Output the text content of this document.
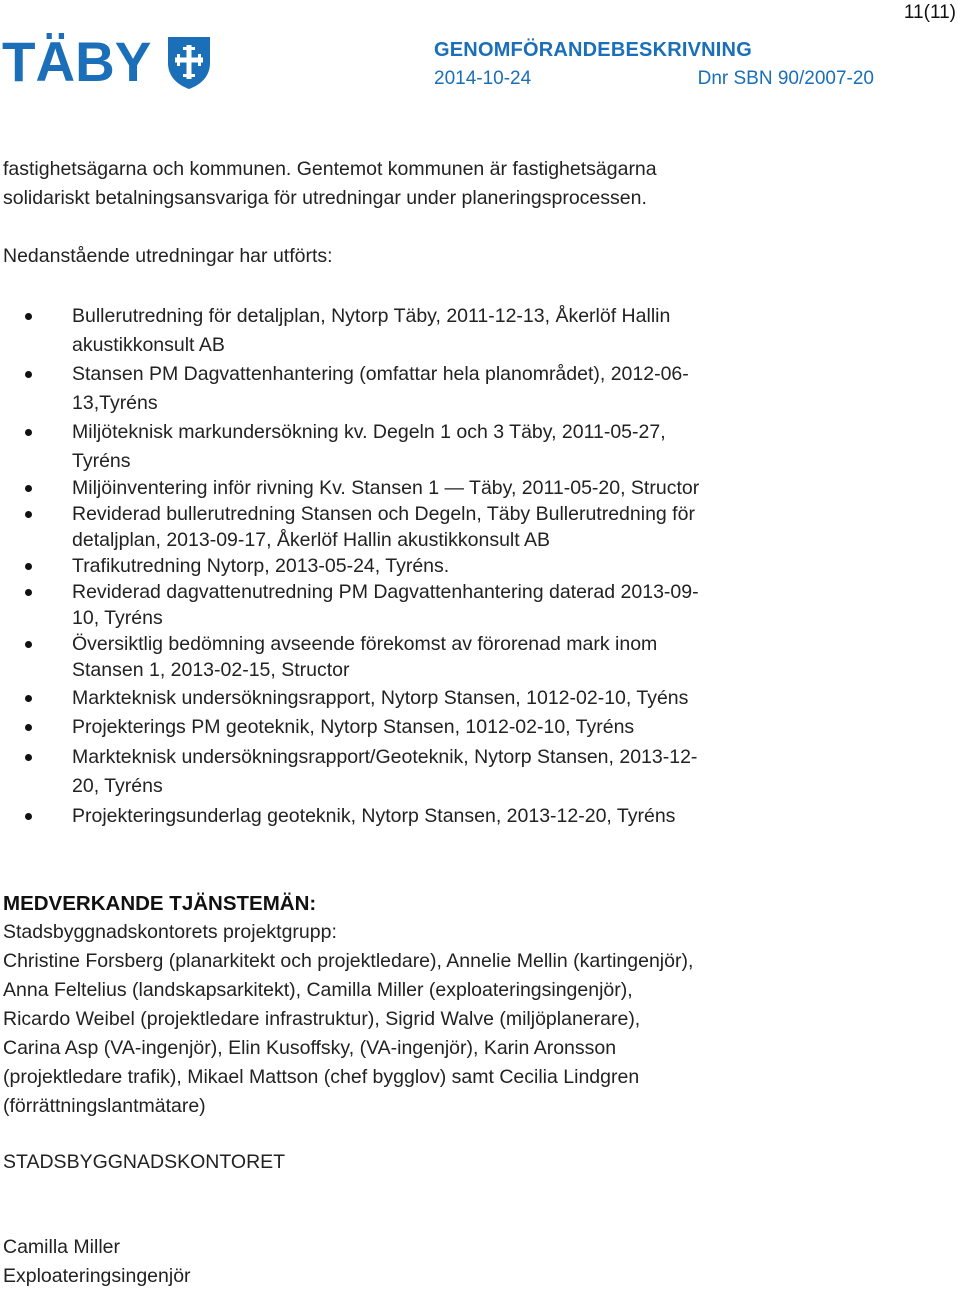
11(11)
TÄBY	GENOMFÖRANDEBESKRIVNING
2014-10-24	Dnr SBN 90/2007-20

fastighetsägarna och kommunen. Gentemot kommunen är fastighetsägarna
solidariskt betalningsansvariga för utredningar under planeringsprocessen.

Nedanstående utredningar har utförts:

Bullerutredning för detaljplan, Nytorp Täby, 2011-12-13, Åkerlöf Hallin
akustikkonsult AB
Stansen PM Dagvattenhantering (omfattar hela planområdet), 2012-06-
13,Tyréns
Miljöteknisk markundersökning kv. Degeln 1 och 3 Täby, 2011-05-27,
Tyréns
Miljöinventering inför rivning Kv. Stansen 1 — Täby, 2011-05-20, Structor
Reviderad bullerutredning Stansen och Degeln, Täby Bullerutredning för
detaljplan, 2013-09-17, Åkerlöf Hallin akustikkonsult AB
Trafikutredning Nytorp, 2013-05-24, Tyréns.
Reviderad dagvattenutredning PM Dagvattenhantering daterad 2013-09-
10, Tyréns
Översiktlig bedömning avseende förekomst av förorenad mark inom
Stansen 1, 2013-02-15, Structor
Markteknisk undersökningsrapport, Nytorp Stansen, 1012-02-10, Tyéns
Projekterings PM geoteknik, Nytorp Stansen, 1012-02-10, Tyréns
Markteknisk undersökningsrapport/Geoteknik, Nytorp Stansen, 2013-12-
20, Tyréns
Projekteringsunderlag geoteknik, Nytorp Stansen, 2013-12-20, Tyréns

MEDVERKANDE TJÄNSTEMÄN:

Stadsbyggnadskontorets projektgrupp:

Christine Forsberg (planarkitekt och projektledare), Annelie Mellin (kartingenjör),
Anna Feltelius (landskapsarkitekt), Camilla Miller (exploateringsingenjör),
Ricardo Weibel (projektledare infrastruktur), Sigrid Walve (miljöplanerare),
Carina Asp (VA-ingenjör), Elin Kusoffsky, (VA-ingenjör), Karin Aronsson
(projektledare trafik), Mikael Mattson (chef bygglov) samt Cecilia Lindgren
(förrättningslantmätare)

STADSBYGGNADSKONTORET

Camilla Miller

Exploateringsingenjör
